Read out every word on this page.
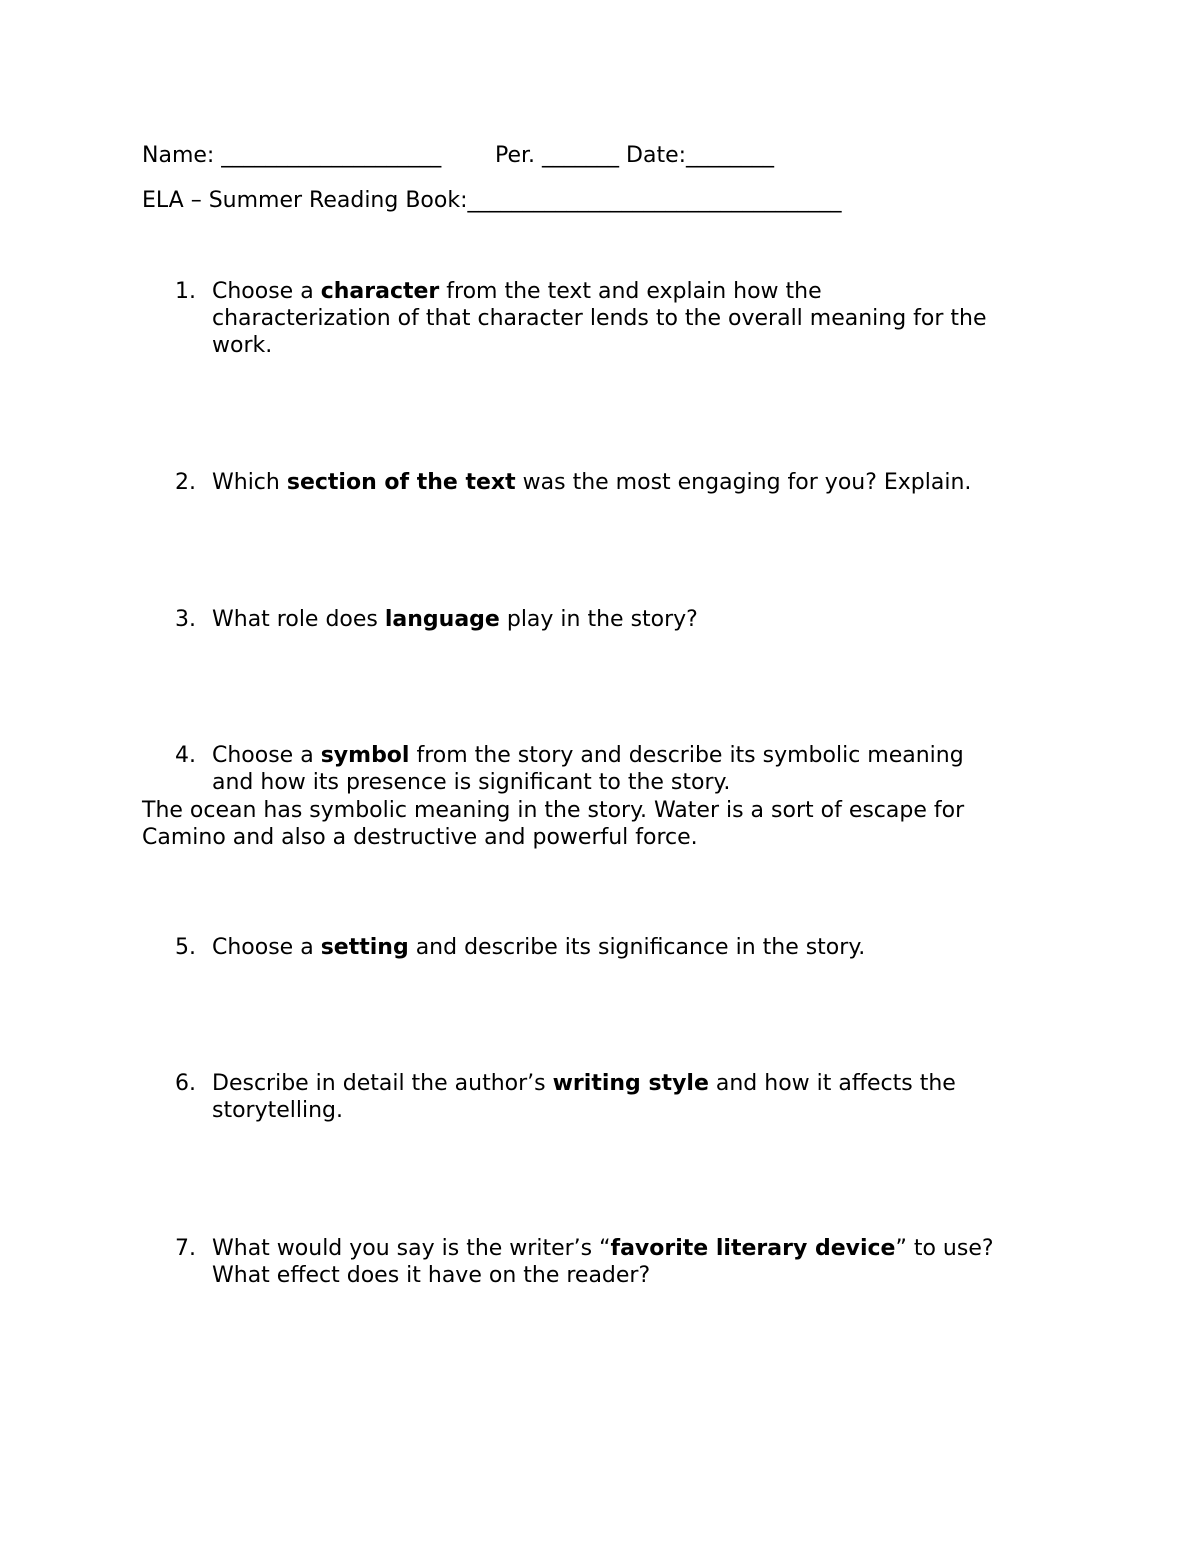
Name: ____________________ Per. _______ Date:________
ELA – Summer Reading Book:__________________________________
1. Choose a character from the text and explain how the
characterization of that character lends to the overall meaning for the
work.
2. Which section of the text was the most engaging for you? Explain.
3. What role does language play in the story?
4. Choose a symbol from the story and describe its symbolic meaning
and how its presence is significant to the story.
The ocean has symbolic meaning in the story. Water is a sort of escape for
Camino and also a destructive and powerful force.
5. Choose a setting and describe its significance in the story.
6. Describe in detail the author’s writing style and how it affects the
storytelling.
7. What would you say is the writer’s “favorite literary device” to use?
What effect does it have on the reader?
